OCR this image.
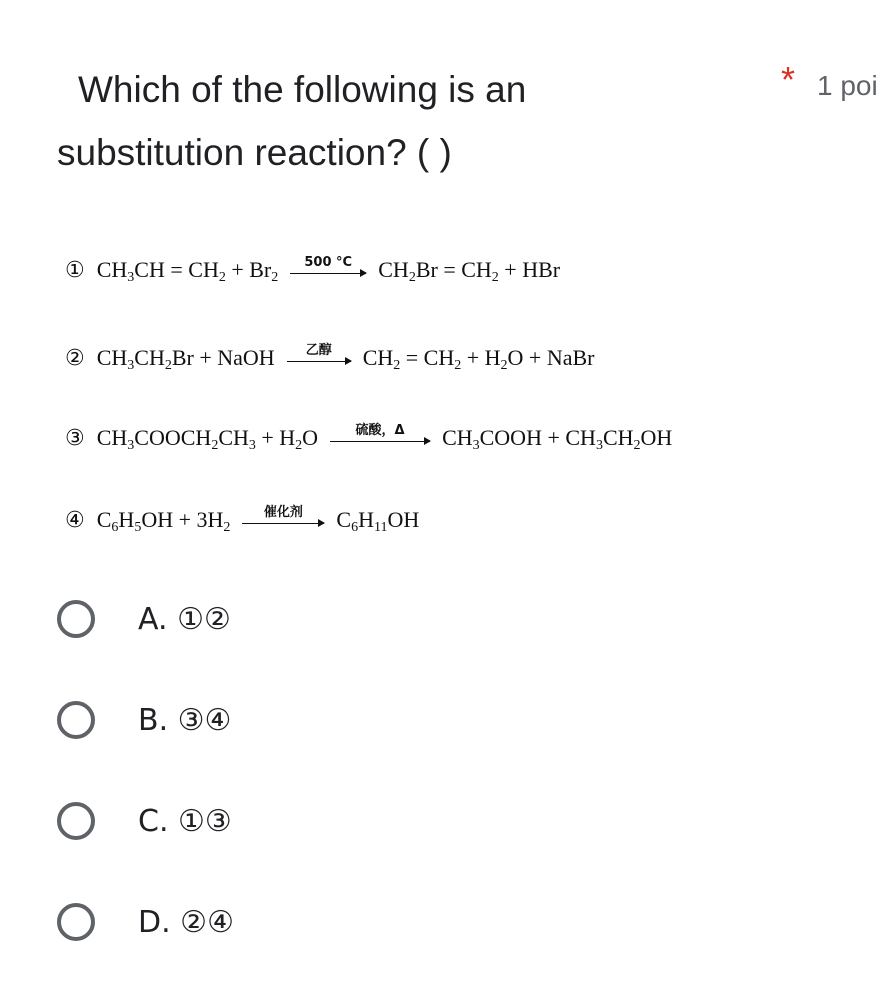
Which of the following is an
substitution reaction? ( )
* 1 poi
① $CH_3CH = CH_2 + Br_2$
500 °C $CH_2Br = CH_2$ + HBr
② $CH_3CH_2Br$ + NaOH 乙醇 $CH_2 = CH_2 + H_2O$ + NaBr
③ $CH_3COOCH_2CH_3 + H_2O$	硫酸，Δ $CH_3COOH + CH_3CH_2OH$
④ $C_6H_5OH + 3H_2$
催化剂 $C_6H_{11}OH$
A. ①②
B. ③④
C. ①③
D. ②④
